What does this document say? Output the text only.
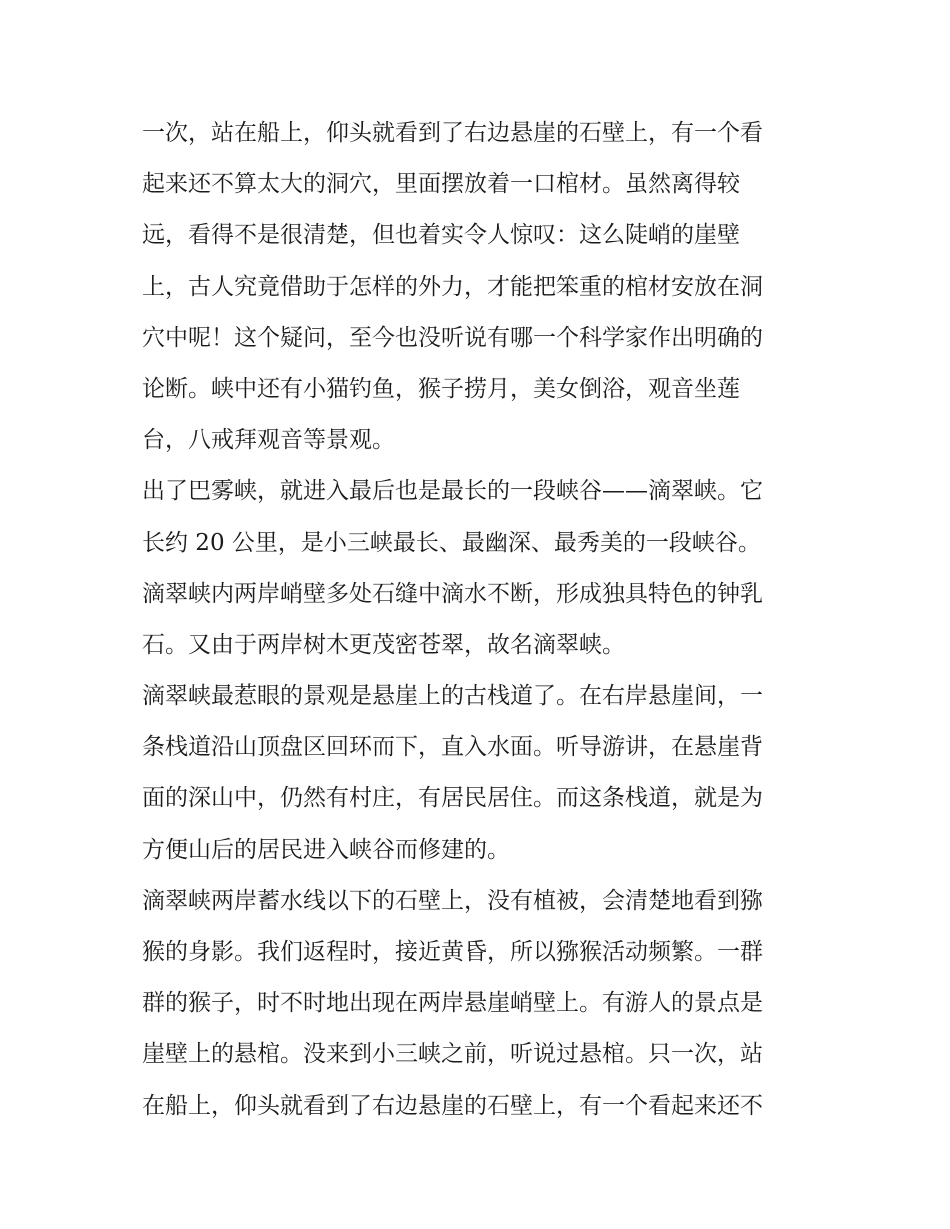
一次，站在船上，仰头就看到了右边悬崖的石壁上，有一个看
起来还不算太大的洞穴，里面摆放着一口棺材。虽然离得较
远，看得不是很清楚，但也着实令人惊叹：这么陡峭的崖壁
上，古人究竟借助于怎样的外力，才能把笨重的棺材安放在洞
穴中呢！这个疑问，至今也没听说有哪一个科学家作出明确的
论断。峡中还有小猫钓鱼，猴子捞月，美女倒浴，观音坐莲
台，八戒拜观音等景观。
出了巴雾峡，就进入最后也是最长的一段峡谷——滴翠峡。它
长约 20 公里，是小三峡最长、最幽深、最秀美的一段峡谷。
滴翠峡内两岸峭壁多处石缝中滴水不断，形成独具特色的钟乳
石。又由于两岸树木更茂密苍翠，故名滴翠峡。
滴翠峡最惹眼的景观是悬崖上的古栈道了。在右岸悬崖间，一
条栈道沿山顶盘区回环而下，直入水面。听导游讲，在悬崖背
面的深山中，仍然有村庄，有居民居住。而这条栈道，就是为
方便山后的居民进入峡谷而修建的。
滴翠峡两岸蓄水线以下的石壁上，没有植被，会清楚地看到猕
猴的身影。我们返程时，接近黄昏，所以猕猴活动频繁。一群
群的猴子，时不时地出现在两岸悬崖峭壁上。有游人的景点是
崖壁上的悬棺。没来到小三峡之前，听说过悬棺。只一次，站
在船上，仰头就看到了右边悬崖的石壁上，有一个看起来还不
